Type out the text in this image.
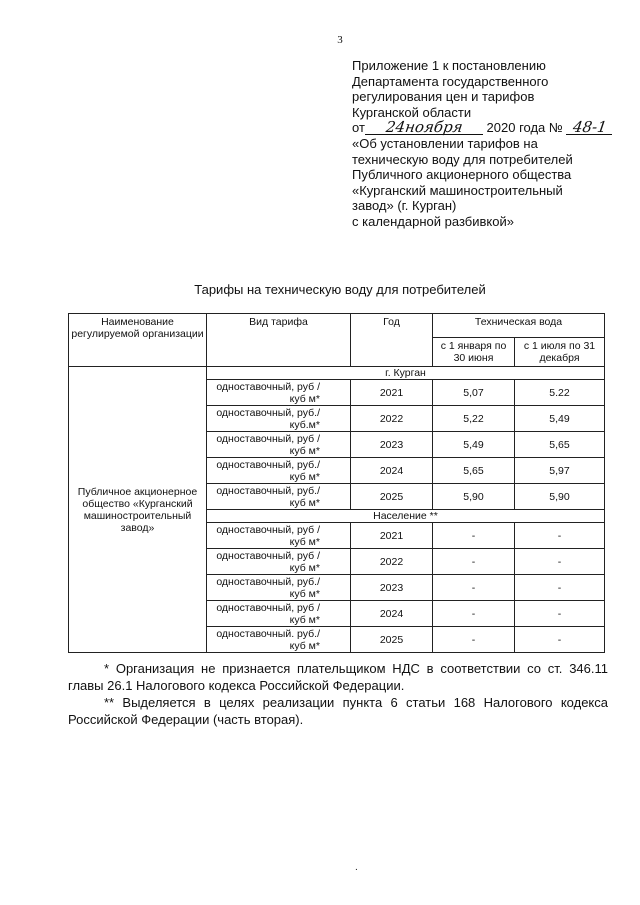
3
Приложение 1 к постановлению
Департамента государственного
регулирования цен и тарифов
Курганской области
от 24ноября 2020 года № 48-1
«Об установлении тарифов на
техническую воду для потребителей
Публичного акционерного общества
«Курганский машиностроительный
завод» (г. Курган)
с календарной разбивкой»
Тарифы на техническую воду для потребителей
Наименование регулируемой организации	Вид тарифа	Год	Техническая вода	
			с 1 января по 30 июня	с 1 июля по 31 декабря
Публичное акционерное общество «Курганский машиностроительный завод»	г. Курган			
	одноставочный, руб /куб м*	2021	5,07	5.22
	одноставочный, руб./куб.м*	2022	5,22	5,49
	одноставочный, руб /куб м*	2023	5,49	5,65
	одноставочный, руб./куб м*	2024	5,65	5,97
	одноставочный, руб./куб м*	2025	5,90	5,90
	Население **			
	одноставочный, руб /куб м*	2021	-	-
	одноставочный, руб /куб м*	2022	-	-
	одноставочный, руб./куб м*	2023	-	-
	одноставочный, руб /куб м*	2024	-	-
	одноставочный. руб./куб м*	2025	-	-

* Организация не признается плательщиком НДС в соответствии со ст. 346.11 главы 26.1 Налогового кодекса Российской Федерации.

** Выделяется в целях реализации пункта 6 статьи 168 Налогового кодекса Российской Федерации (часть вторая).

.
